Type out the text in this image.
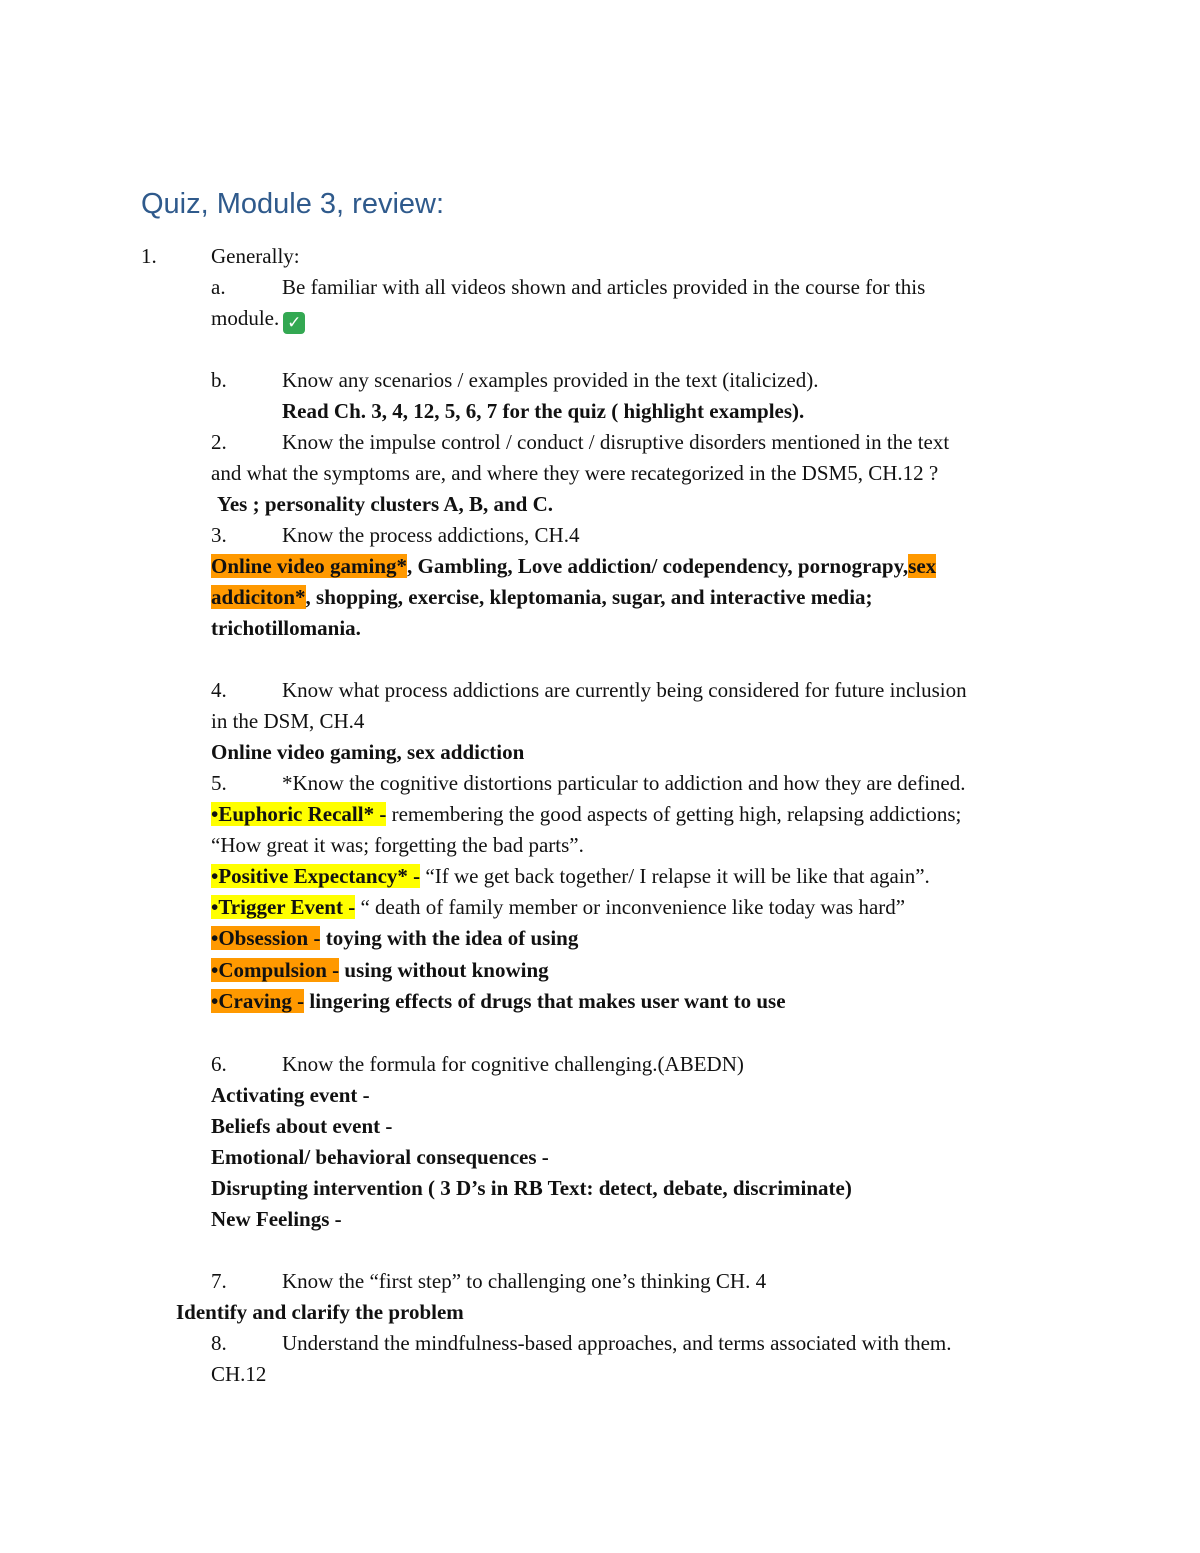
Quiz, Module 3, review:
1.	Generally:
a.	Be familiar with all videos shown and articles provided in the course for this
module. ✓
b.	Know any scenarios / examples provided in the text (italicized).
Read Ch. 3, 4, 12, 5, 6, 7 for the quiz ( highlight examples).
2.	Know the impulse control / conduct / disruptive disorders mentioned in the text
and what the symptoms are, and where they were recategorized in the DSM5, CH.12 ?
Yes ; personality clusters A, B, and C.
3.	Know the process addictions, CH.4
Online video gaming*, Gambling, Love addiction/ codependency, pornograpy,sex
addiciton*, shopping, exercise, kleptomania, sugar, and interactive media;
trichotillomania.
4.	Know what process addictions are currently being considered for future inclusion
in the DSM, CH.4
Online video gaming, sex addiction
5.	*Know the cognitive distortions particular to addiction and how they are defined.
•Euphoric Recall* - remembering the good aspects of getting high, relapsing addictions;
“How great it was; forgetting the bad parts”.
•Positive Expectancy* - “If we get back together/ I relapse it will be like that again”.
•Trigger Event - “ death of family member or inconvenience like today was hard”
•Obsession - toying with the idea of using
•Compulsion - using without knowing
•Craving - lingering effects of drugs that makes user want to use
6.	Know the formula for cognitive challenging.(ABEDN)
Activating event -
Beliefs about event -
Emotional/ behavioral consequences -
Disrupting intervention ( 3 D’s in RB Text: detect, debate, discriminate)
New Feelings -
7.	Know the “first step” to challenging one’s thinking CH. 4
Identify and clarify the problem
8.	Understand the mindfulness-based approaches, and terms associated with them.
CH.12
